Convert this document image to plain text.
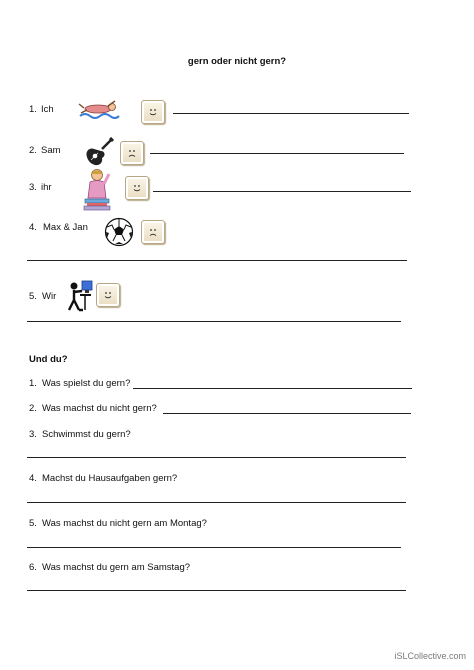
gern oder nicht gern?
1. Ich
2. Sam
3. ihr
4. Max & Jan
5. Wir
Und du?
1. Was spielst du gern?
2. Was machst du nicht gern?
3. Schwimmst du gern?
4. Machst du Hausaufgaben gern?
5. Was machst du nicht gern am Montag?
6. Was machst du gern am Samstag?
iSLCollective.com
